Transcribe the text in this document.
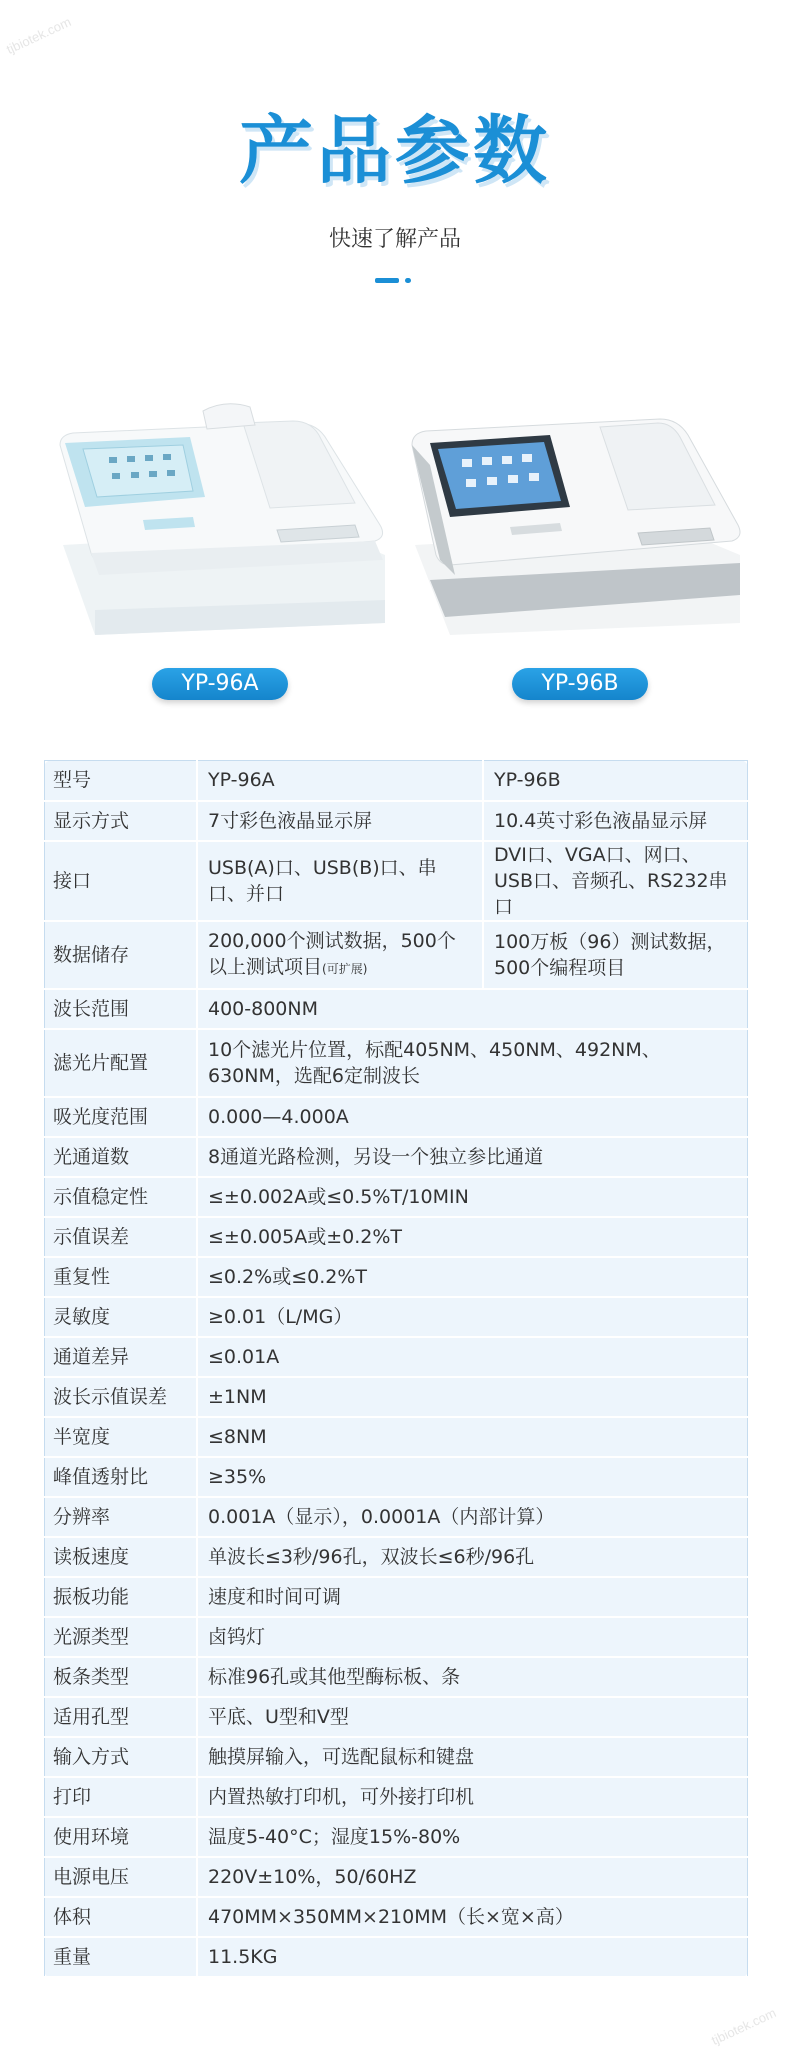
tjbiotek.com
tjbiotek.com
产品参数
快速了解产品
YP-96A	YP-96B
型号	YP-96A	YP-96B
显示方式	7寸彩色液晶显示屏	10.4英寸彩色液晶显示屏
接口	USB(A)口、USB(B)口、串口、并口	DVI口、VGA口、网口、USB口、音频孔、RS232串口
数据储存	200,000个测试数据，500个以上测试项目(可扩展)	100万板（96）测试数据，500个编程项目
波长范围	400-800NM	
滤光片配置	10个滤光片位置，标配405NM、450NM、492NM、630NM，选配6定制波长	
吸光度范围	0.000—4.000A	
光通道数	8通道光路检测，另设一个独立参比通道	
示值稳定性	≤±0.002A或≤0.5%T/10MIN	
示值误差	≤±0.005A或±0.2%T	
重复性	≤0.2%或≤0.2%T	
灵敏度	≥0.01（L/MG）	
通道差异	≤0.01A	
波长示值误差	±1NM	
半宽度	≤8NM	
峰值透射比	≥35%	
分辨率	0.001A（显示），0.0001A（内部计算）	
读板速度	单波长≤3秒/96孔，双波长≤6秒/96孔	
振板功能	速度和时间可调	
光源类型	卤钨灯	
板条类型	标准96孔或其他型酶标板、条	
适用孔型	平底、U型和V型	
输入方式	触摸屏输入，可选配鼠标和键盘	
打印	内置热敏打印机，可外接打印机	
使用环境	温度5-40°C；湿度15%-80%	
电源电压	220V±10%，50/60HZ	
体积	470MM×350MM×210MM（长×宽×高）	
重量	11.5KG	
